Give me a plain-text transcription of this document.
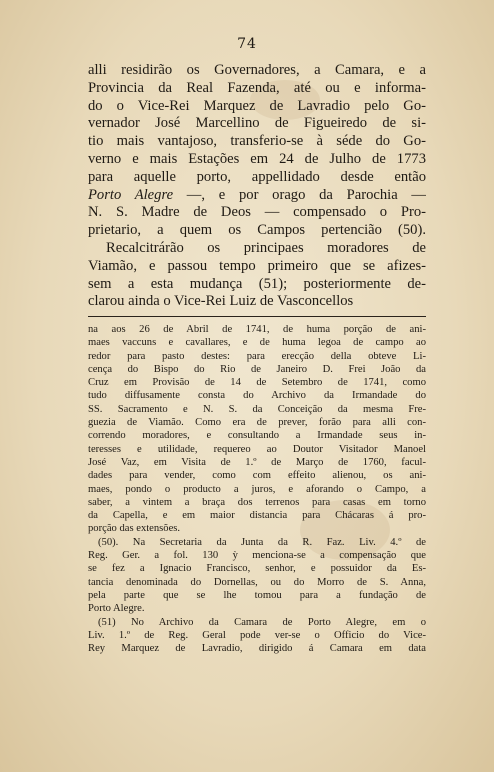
74
alli residirão os Governadores, a Camara, e a
Provincia da Real Fazenda, até ou e informa-
do o Vice-Rei Marquez de Lavradio pelo Go-
vernador José Marcellino de Figueiredo de si-
tio mais vantajoso, transferio-se à séde do Go-
verno e mais Estações em 24 de Julho de 1773
para aquelle porto, appellidado desde então
Porto Alegre —, e por orago da Parochia —
N. S. Madre de Deos — compensado o Pro-
prietario, a quem os Campos pertencião (50).
Recalcitrárão os principaes moradores de
Viamão, e passou tempo primeiro que se afizes-
sem a esta mudança (51); posteriormente de-
clarou ainda o Vice-Rei Luiz de Vasconcellos
na aos 26 de Abril de 1741, de huma porção de ani-
maes vaccuns e cavallares, e de huma legoa de campo ao
redor para pasto destes: para erecção della obteve Li-
cença do Bispo do Rio de Janeiro D. Frei João da
Cruz em Provisão de 14 de Setembro de 1741, como
tudo diffusamente consta do Archivo da Irmandade do
SS. Sacramento e N. S. da Conceição da mesma Fre-
guezia de Viamão. Como era de prever, forão para alli con-
correndo moradores, e consultando a Irmandade seus in-
teresses e utilidade, requereo ao Doutor Visitador Manoel
José Vaz, em Visita de 1.º de Março de 1760, facul-
dades para vender, como com effeito alienou, os ani-
maes, pondo o producto a juros, e aforando o Campo, a
saber, a vintem a braça dos terrenos para casas em torno
da Capella, e em maior distancia para Chácaras á pro-
porção das extensões.
(50). Na Secretaria da Junta da R. Faz. Liv. 4.º de
Reg. Ger. a fol. 130 ỳ menciona-se a compensação que
se fez a Ignacio Francisco, senhor, e possuidor da Es-
tancia denominada do Dornellas, ou do Morro de S. Anna,
pela parte que se lhe tomou para a fundação de
Porto Alegre.
(51) No Archivo da Camara de Porto Alegre, em o
Liv. 1.º de Reg. Geral pode ver-se o Officio do Vice-
Rey Marquez de Lavradio, dirigido á Camara em data
